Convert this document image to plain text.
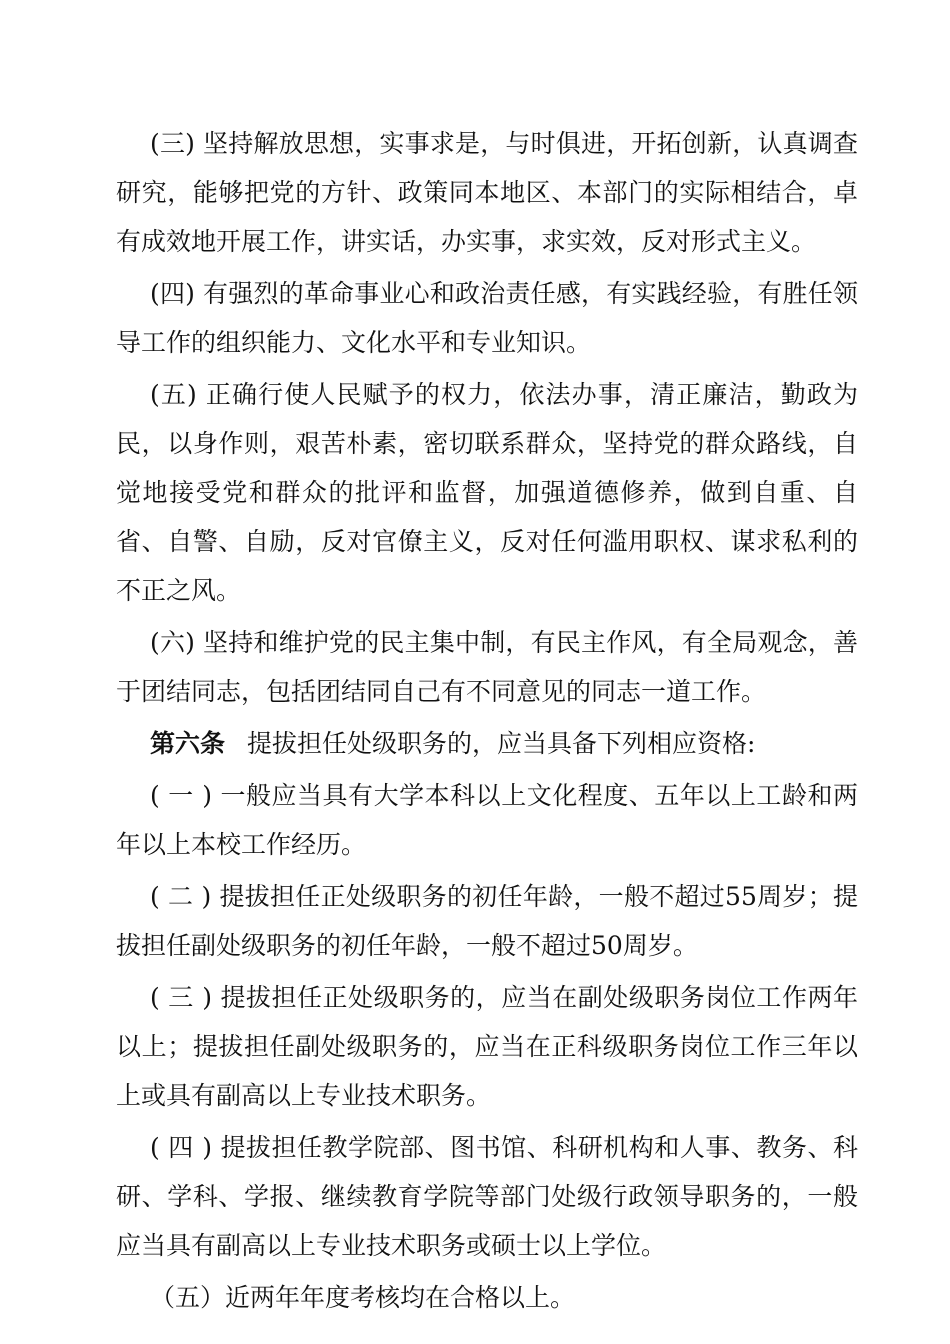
(三) 坚持解放思想，实事求是，与时俱进，开拓创新，认真调查研究，能够把党的方针、政策同本地区、本部门的实际相结合，卓有成效地开展工作，讲实话，办实事，求实效，反对形式主义。

(四) 有强烈的革命事业心和政治责任感，有实践经验，有胜任领导工作的组织能力、文化水平和专业知识。

(五) 正确行使人民赋予的权力，依法办事，清正廉洁，勤政为民，以身作则，艰苦朴素，密切联系群众，坚持党的群众路线，自觉地接受党和群众的批评和监督，加强道德修养，做到自重、自省、自警、自励，反对官僚主义，反对任何滥用职权、谋求私利的不正之风。

(六) 坚持和维护党的民主集中制，有民主作风，有全局观念，善于团结同志，包括团结同自己有不同意见的同志一道工作。

第六条 提拔担任处级职务的，应当具备下列相应资格:

( 一 ) 一般应当具有大学本科以上文化程度、五年以上工龄和两年以上本校工作经历。

( 二 ) 提拔担任正处级职务的初任年龄，一般不超过55周岁；提拔担任副处级职务的初任年龄，一般不超过50周岁。

( 三 ) 提拔担任正处级职务的，应当在副处级职务岗位工作两年以上；提拔担任副处级职务的，应当在正科级职务岗位工作三年以上或具有副高以上专业技术职务。

( 四 ) 提拔担任教学院部、图书馆、科研机构和人事、教务、科研、学科、学报、继续教育学院等部门处级行政领导职务的，一般应当具有副高以上专业技术职务或硕士以上学位。

（五）近两年年度考核均在合格以上。
